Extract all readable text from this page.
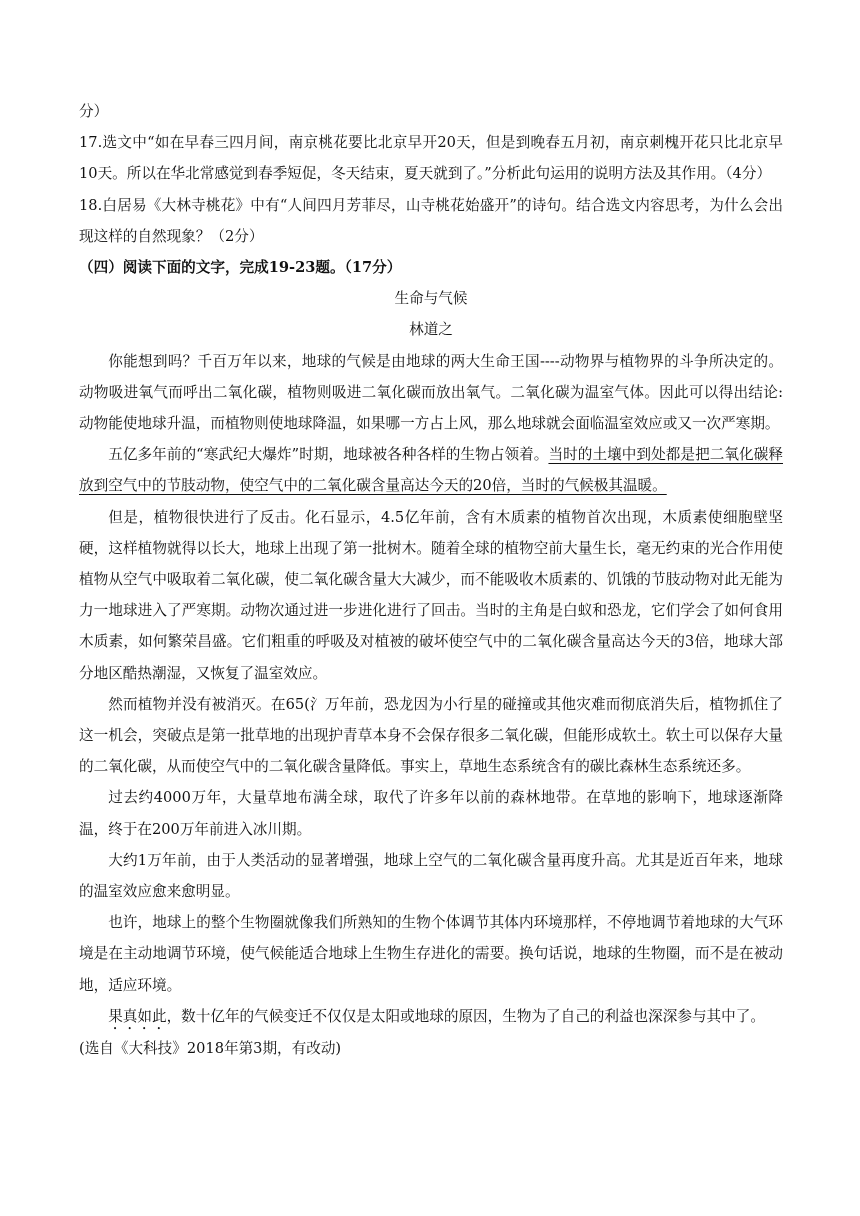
分）

17.选文中“如在早春三四月间，南京桃花要比北京早开20天，但是到晚春五月初，南京刺槐开花只比北京早10天。所以在华北常感觉到春季短促，冬天结束，夏天就到了。”分析此句运用的说明方法及其作用。（4分）

18.白居易《大林寺桃花》中有“人间四月芳菲尽，山寺桃花始盛开”的诗句。结合选文内容思考，为什么会出现这样的自然现象？（2分）

（四）阅读下面的文字，完成19-23题。（17分）

生命与气候

林道之

你能想到吗？千百万年以来，地球的气候是由地球的两大生命王国----动物界与植物界的斗争所决定的。动物吸进氧气而呼出二氧化碳，植物则吸进二氧化碳而放出氧气。二氧化碳为温室气体。因此可以得出结论:动物能使地球升温，而植物则使地球降温，如果哪一方占上风，那么地球就会面临温室效应或又一次严寒期。

五亿多年前的“寒武纪大爆炸”时期，地球被各种各样的生物占领着。当时的土壤中到处都是把二氧化碳释放到空气中的节肢动物，使空气中的二氧化碳含量高达今天的20倍，当时的气候极其温暖。

但是，植物很快进行了反击。化石显示，4.5亿年前，含有木质素的植物首次出现，木质素使细胞壁坚硬，这样植物就得以长大，地球上出现了第一批树木。随着全球的植物空前大量生长，毫无约束的光合作用使植物从空气中吸取着二氧化碳，使二氧化碳含量大大减少，而不能吸收木质素的、饥饿的节肢动物对此无能为力一地球进入了严寒期。动物次通过进一步进化进行了回击。当时的主角是白蚁和恐龙，它们学会了如何食用木质素，如何繁荣昌盛。它们粗重的呼吸及对植被的破坏使空气中的二氧化碳含量高达今天的3倍，地球大部分地区酷热潮湿，又恢复了温室效应。

然而植物并没有被消灭。在65(氵万年前，恐龙因为小行星的碰撞或其他灾难而彻底消失后，植物抓住了这一机会，突破点是第一批草地的出现护青草本身不会保存很多二氧化碳，但能形成软土。软土可以保存大量的二氧化碳，从而使空气中的二氧化碳含量降低。事实上，草地生态系统含有的碳比森林生态系统还多。

过去约4000万年，大量草地布满全球，取代了许多年以前的森林地带。在草地的影响下，地球逐渐降温，终于在200万年前进入冰川期。

大约1万年前，由于人类活动的显著增强，地球上空气的二氧化碳含量再度升高。尤其是近百年来，地球的温室效应愈来愈明显。

也许，地球上的整个生物圈就像我们所熟知的生物个体调节其体内环境那样，不停地调节着地球的大气环境是在主动地调节环境，使气候能适合地球上生物生存进化的需要。换句话说，地球的生物圈，而不是在被动地，适应环境。

果真如此，数十亿年的气候变迁不仅仅是太阳或地球的原因，生物为了自己的利益也深深参与其中了。

(选自《大科技》2018年第3期，有改动)
